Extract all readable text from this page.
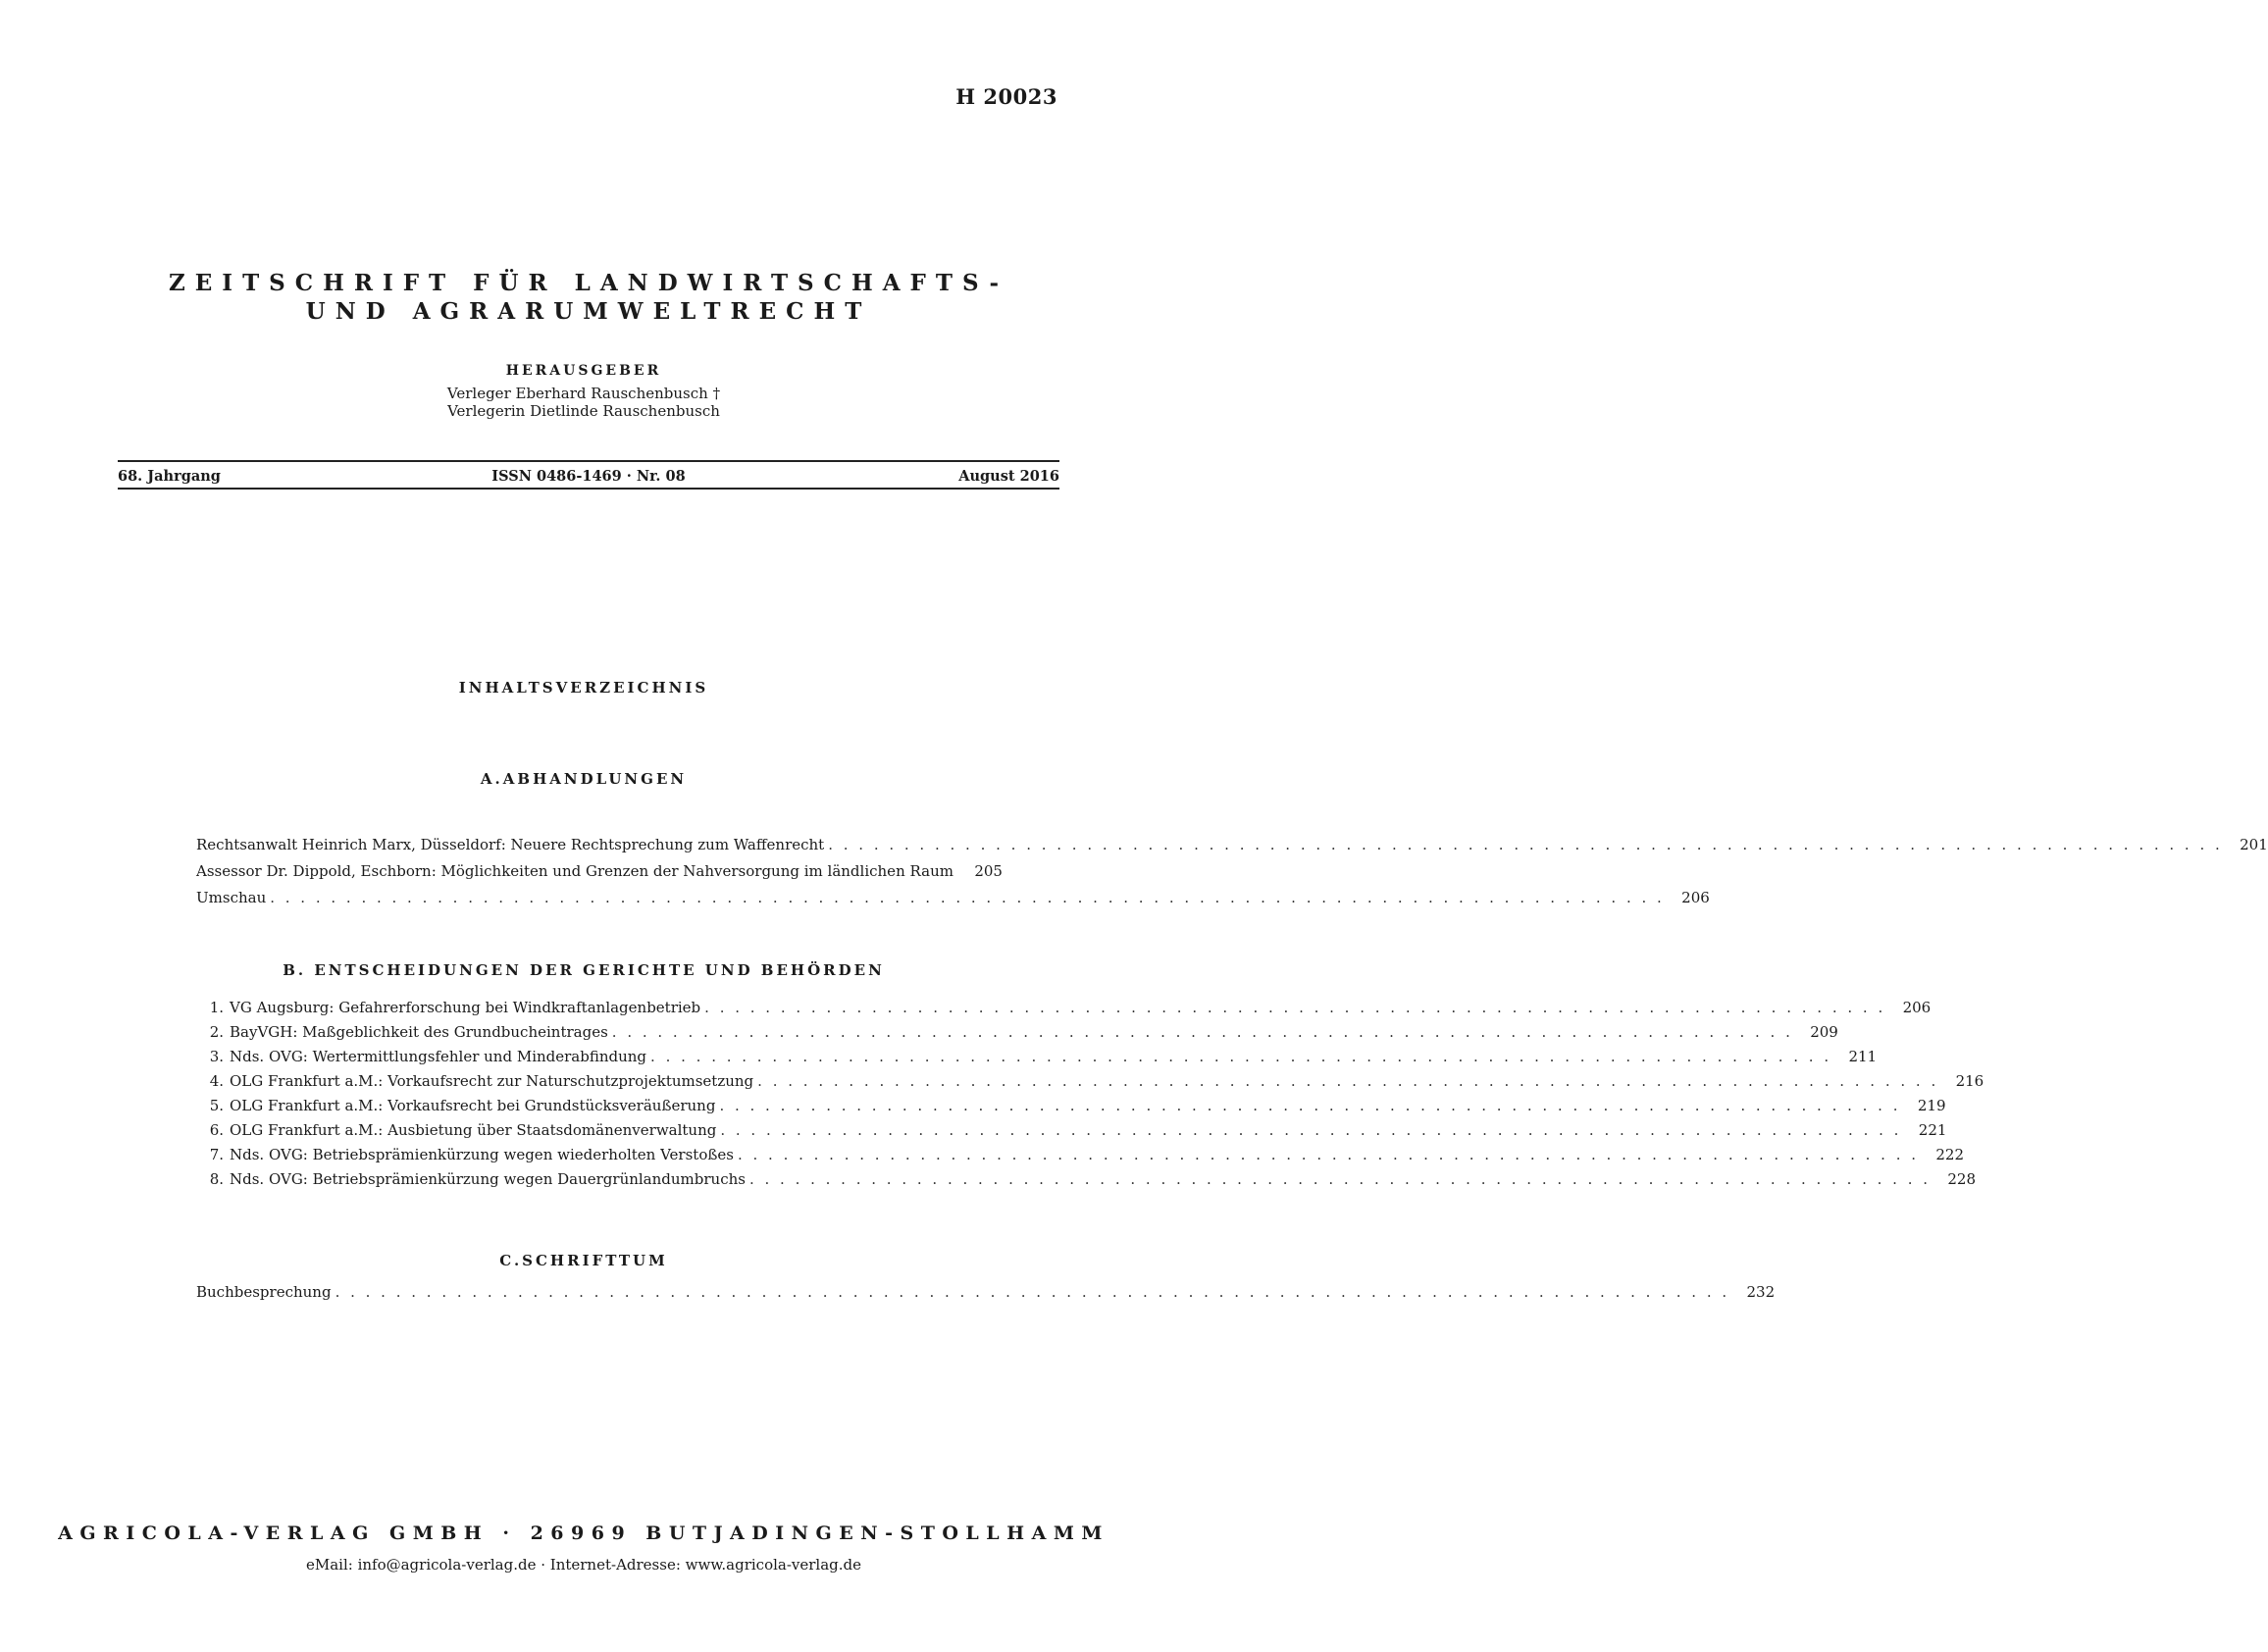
H 20023
ZEITSCHRIFT FÜR LANDWIRTSCHAFTS-
UND AGRARUMWELTRECHT
HERAUSGEBER
Verleger Eberhard Rauschenbusch †
Verlegerin Dietlinde Rauschenbusch
68. Jahrgang	ISSN 0486-1469 · Nr. 08	August 2016
INHALTSVERZEICHNIS
A.ABHANDLUNGEN
Rechtsanwalt Heinrich Marx, Düsseldorf: Neuere Rechtsprechung zum Waffenrecht . . . . . . . . . . . . . . . . . . . . . . . . . . . . . . . . . . . . . . . . . . . . . . . . . . . . . . . . . . . . . . . . . . . . . . . . . . . . . . . . . . . . . . . . . . . .	201
Assessor Dr. Dippold, Eschborn: Möglichkeiten und Grenzen der Nahversorgung im ländlichen Raum	205
Umschau . . . . . . . . . . . . . . . . . . . . . . . . . . . . . . . . . . . . . . . . . . . . . . . . . . . . . . . . . . . . . . . . . . . . . . . . . . . . . . . . . . . . . . . . . . . .	206
B. ENTSCHEIDUNGEN DER GERICHTE UND BEHÖRDEN
1. VG Augsburg: Gefahrerforschung bei Windkraftanlagenbetrieb . . . . . . . . . . . . . . . . . . . . . . . . . . . . . . . . . . . . . . . . . . . . . . . . . . . . . . . . . . . . . . . . . . . . . . . . . . . . . .	206
2. BayVGH: Maßgeblichkeit des Grundbucheintrages . . . . . . . . . . . . . . . . . . . . . . . . . . . . . . . . . . . . . . . . . . . . . . . . . . . . . . . . . . . . . . . . . . . . . . . . . . . . . .	209
3. Nds. OVG: Wertermittlungsfehler und Minderabfindung . . . . . . . . . . . . . . . . . . . . . . . . . . . . . . . . . . . . . . . . . . . . . . . . . . . . . . . . . . . . . . . . . . . . . . . . . . . . . .	211
4. OLG Frankfurt a.M.: Vorkaufsrecht zur Naturschutzprojektumsetzung . . . . . . . . . . . . . . . . . . . . . . . . . . . . . . . . . . . . . . . . . . . . . . . . . . . . . . . . . . . . . . . . . . . . . . . . . . . . . .	216
5. OLG Frankfurt a.M.: Vorkaufsrecht bei Grundstücksveräußerung . . . . . . . . . . . . . . . . . . . . . . . . . . . . . . . . . . . . . . . . . . . . . . . . . . . . . . . . . . . . . . . . . . . . . . . . . . . . . .	219
6. OLG Frankfurt a.M.: Ausbietung über Staatsdomänenverwaltung . . . . . . . . . . . . . . . . . . . . . . . . . . . . . . . . . . . . . . . . . . . . . . . . . . . . . . . . . . . . . . . . . . . . . . . . . . . . . .	221
7. Nds. OVG: Betriebsprämienkürzung wegen wiederholten Verstoßes . . . . . . . . . . . . . . . . . . . . . . . . . . . . . . . . . . . . . . . . . . . . . . . . . . . . . . . . . . . . . . . . . . . . . . . . . . . . . .	222
8. Nds. OVG: Betriebsprämienkürzung wegen Dauergrünlandumbruchs . . . . . . . . . . . . . . . . . . . . . . . . . . . . . . . . . . . . . . . . . . . . . . . . . . . . . . . . . . . . . . . . . . . . . . . . . . . . . .	228
C.SCHRIFTTUM
Buchbesprechung . . . . . . . . . . . . . . . . . . . . . . . . . . . . . . . . . . . . . . . . . . . . . . . . . . . . . . . . . . . . . . . . . . . . . . . . . . . . . . . . . . . . . . . . . . . .	232
AGRICOLA-VERLAG GMBH · 26969 BUTJADINGEN-STOLLHAMM
eMail: info@agricola-verlag.de · Internet-Adresse: www.agricola-verlag.de
